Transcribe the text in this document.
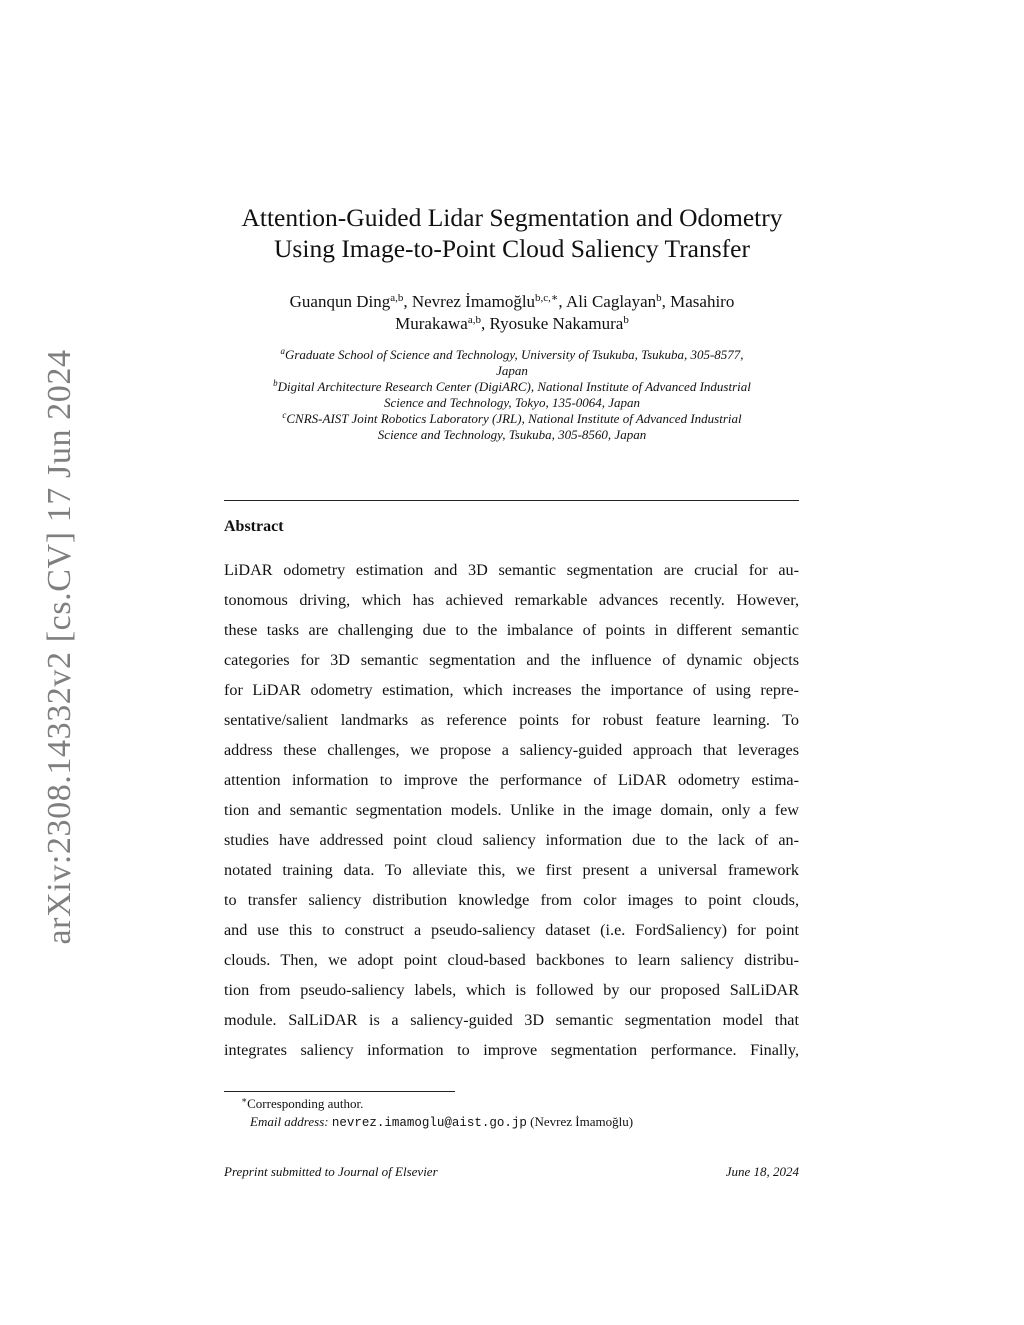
arXiv:2308.14332v2 [cs.CV] 17 Jun 2024
Attention-Guided Lidar Segmentation and Odometry
Using Image-to-Point Cloud Saliency Transfer
Guanqun Ding$^{a,b}$, Nevrez İmamoğlu$^{b,c,∗}$, Ali Caglayan$^b$, Masahiro
Murakawa$^{a,b}$, Ryosuke Nakamura$^b$
$^a$Graduate School of Science and Technology, University of Tsukuba, Tsukuba, 305-8577,
Japan
$^b$Digital Architecture Research Center (DigiARC), National Institute of Advanced Industrial
Science and Technology, Tokyo, 135-0064, Japan
$^c$CNRS-AIST Joint Robotics Laboratory (JRL), National Institute of Advanced Industrial
Science and Technology, Tsukuba, 305-8560, Japan
Abstract
LiDAR odometry estimation and 3D semantic segmentation are crucial for au-
tonomous driving, which has achieved remarkable advances recently. However,
these tasks are challenging due to the imbalance of points in different semantic
categories for 3D semantic segmentation and the influence of dynamic objects
for LiDAR odometry estimation, which increases the importance of using repre-
sentative/salient landmarks as reference points for robust feature learning. To
address these challenges, we propose a saliency-guided approach that leverages
attention information to improve the performance of LiDAR odometry estima-
tion and semantic segmentation models. Unlike in the image domain, only a few
studies have addressed point cloud saliency information due to the lack of an-
notated training data. To alleviate this, we first present a universal framework
to transfer saliency distribution knowledge from color images to point clouds,
and use this to construct a pseudo-saliency dataset (i.e. FordSaliency) for point
clouds. Then, we adopt point cloud-based backbones to learn saliency distribu-
tion from pseudo-saliency labels, which is followed by our proposed SalLiDAR
module. SalLiDAR is a saliency-guided 3D semantic segmentation model that
integrates saliency information to improve segmentation performance. Finally,
∗Corresponding author.
Email address: nevrez.imamoglu@aist.go.jp (Nevrez İmamoğlu)
Preprint submitted to Journal of Elsevier	June 18, 2024
